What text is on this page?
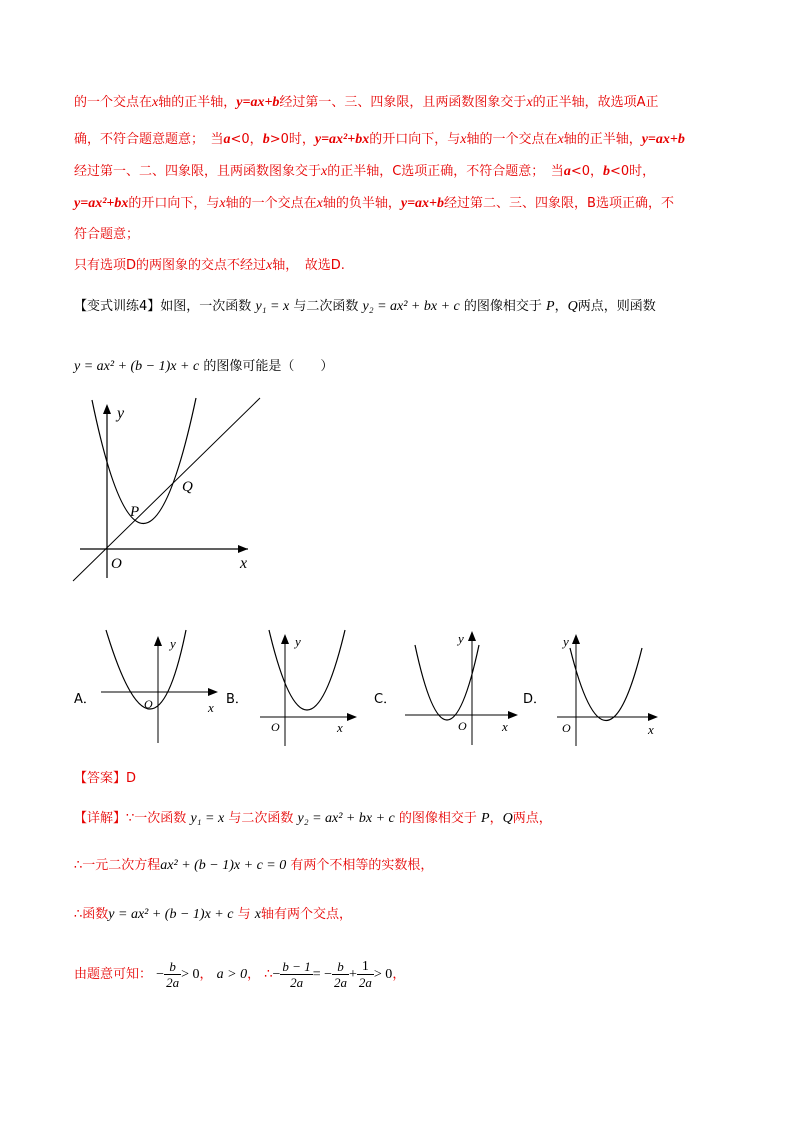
的一个交点在x轴的正半轴，y=ax+b经过第一、三、四象限，且两函数图象交于x的正半轴，故选项A正
确，不符合题意题意；　当a<0，b>0时，y=ax²+bx的开口向下，与x轴的一个交点在x轴的正半轴，y=ax+b
经过第一、二、四象限，且两函数图象交于x的正半轴，C选项正确，不符合题意；　当a<0，b<0时，
y=ax²+bx的开口向下，与x轴的一个交点在x轴的负半轴，y=ax+b经过第二、三、四象限，B选项正确，不
符合题意；
只有选项D的两图象的交点不经过x轴，　故选D.
【变式训练4】如图，一次函数 y₁ = x 与二次函数 y₂ = ax² + bx + c 的图像相交于 P，Q两点，则函数
y = ax² + (b − 1)x + c 的图像可能是（　　）
y
x
O
P
Q
A．
y
x
O	B．
y
x
O
C．
y
x
O
D．
y
x
O
【答案】D
【详解】∵一次函数 y₁ = x 与二次函数 y₂ = ax² + bx + c 的图像相交于 P，Q两点，
∴一元二次方程ax² + (b − 1)x + c = 0 有两个不相等的实数根，
∴函数y = ax² + (b − 1)x + c 与 x轴有两个交点，
由题意可知： − $\frac{b}{2a} > 0$， a > 0， ∴− $\frac{b - 1}{2a}$ = − $\frac{b}{2a} + \frac{1}{2a} > 0$，
